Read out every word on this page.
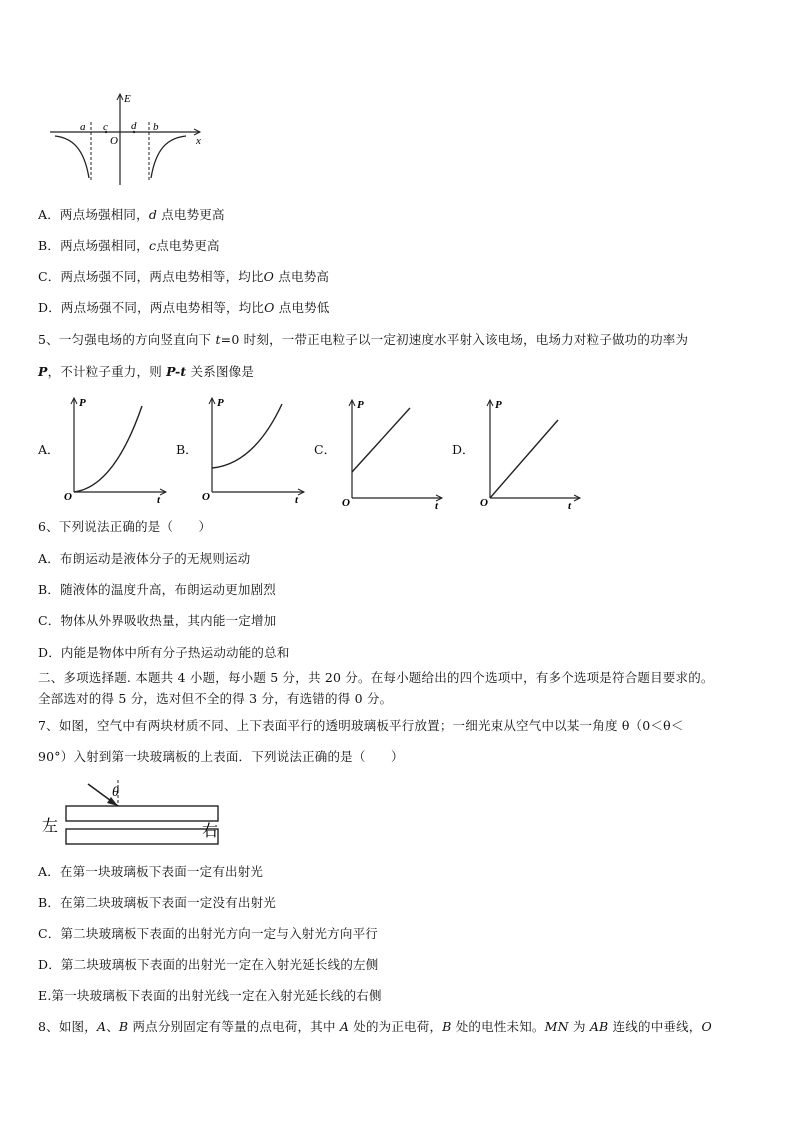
E
x
a c
O
d b
A．两点场强相同，d 点电势更高
B．两点场强相同，c点电势更高
C．两点场强不同，两点电势相等，均比O 点电势高
D．两点场强不同，两点电势相等，均比O 点电势低
5、一匀强电场的方向竖直向下 t=0 时刻，一带正电粒子以一定初速度水平射入该电场，电场力对粒子做功的功率为
P，不计粒子重力，则 P-t 关系图像是
A．	B．	C．	D．
P
t
O
P
t
O
P
t
O
P
t
O
6、下列说法正确的是（　　）
A．布朗运动是液体分子的无规则运动
B．随液体的温度升高，布朗运动更加剧烈
C．物体从外界吸收热量，其内能一定增加
D．内能是物体中所有分子热运动动能的总和
二、多项选择题. 本题共 4 小题，每小题 5 分，共 20 分。在每小题给出的四个选项中，有多个选项是符合题目要求的。
全部选对的得 5 分，选对但不全的得 3 分，有选错的得 0 分。
7、如图，空气中有两块材质不同、上下表面平行的透明玻璃板平行放置；一细光束从空气中以某一角度 θ（0＜θ＜
90°）入射到第一块玻璃板的上表面．下列说法正确的是（　　）
θ
左	右
A．在第一块玻璃板下表面一定有出射光
B．在第二块玻璃板下表面一定没有出射光
C．第二块玻璃板下表面的出射光方向一定与入射光方向平行
D．第二块玻璃板下表面的出射光一定在入射光延长线的左侧
E.第一块玻璃板下表面的出射光线一定在入射光延长线的右侧
8、如图，A、B 两点分别固定有等量的点电荷，其中 A 处的为正电荷，B 处的电性未知。MN 为 AB 连线的中垂线，O
